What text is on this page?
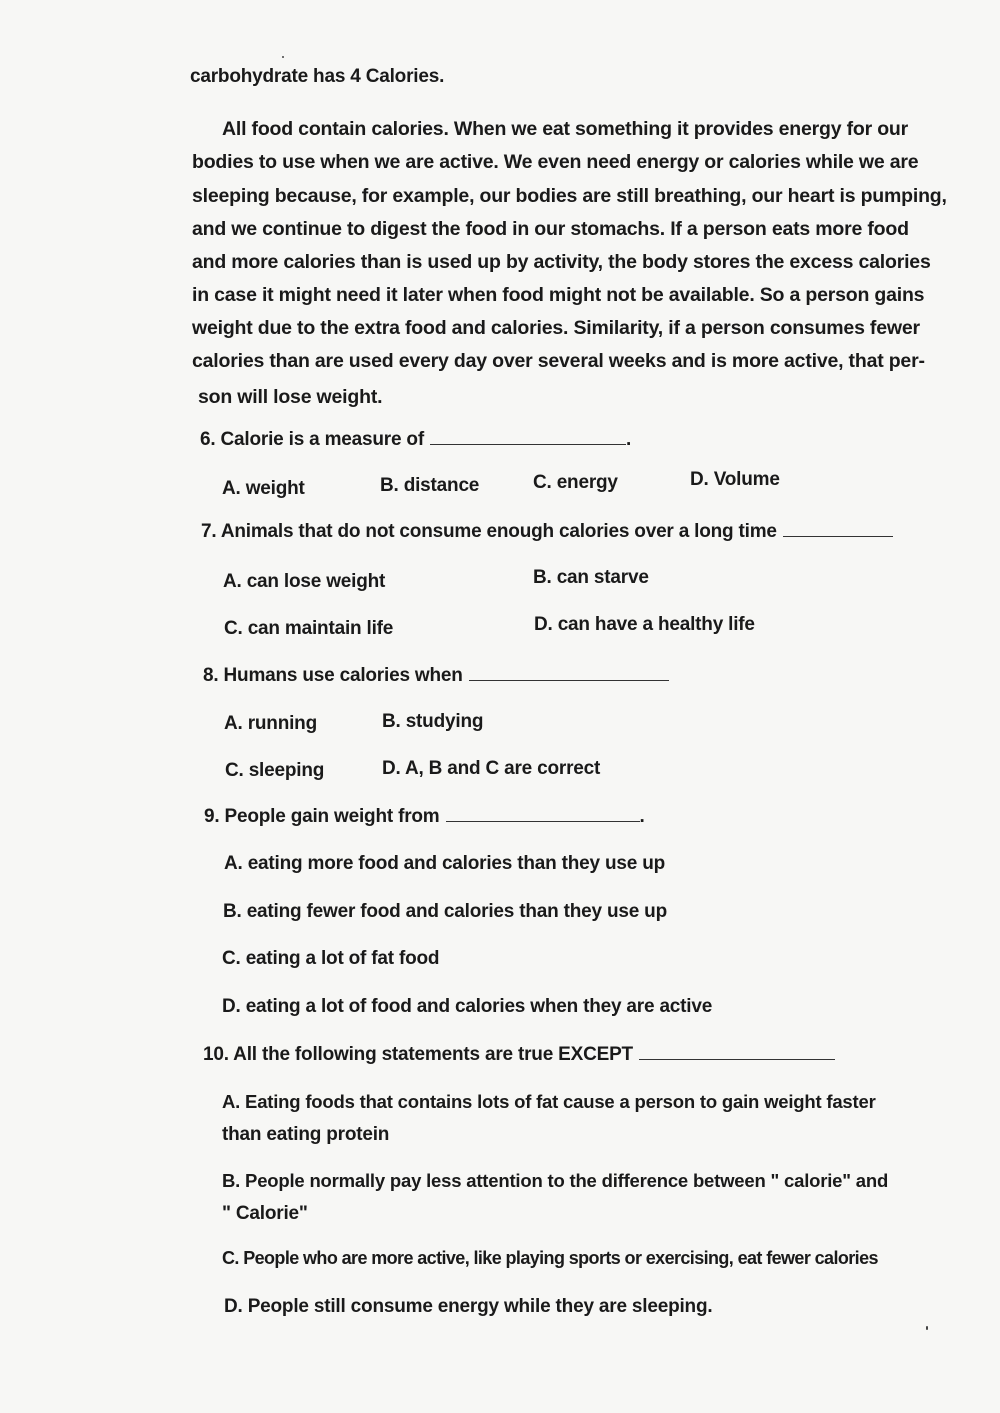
carbohydrate has 4 Calories.
All food contain calories. When we eat something it provides energy for our
bodies to use when we are active. We even need energy or calories while we are
sleeping because, for example, our bodies are still breathing, our heart is pumping,
and we continue to digest the food in our stomachs. If a person eats more food
and more calories than is used up by activity, the body stores the excess calories
in case it might need it later when food might not be available. So a person gains
weight due to the extra food and calories. Similarity, if a person consumes fewer
calories than are used every day over several weeks and is more active, that per-
son will lose weight.
6. Calorie is a measure of	.
A. weight	B. distance	C. energy	D. Volume
7. Animals that do not consume enough calories over a long time
A. can lose weight	B. can starve
C. can maintain life	D. can have a healthy life
8. Humans use calories when
A. running	B. studying
C. sleeping	D. A, B and C are correct
9. People gain weight from	.
A. eating more food and calories than they use up
B. eating fewer food and calories than they use up
C. eating a lot of fat food
D. eating a lot of food and calories when they are active
10. All the following statements are true EXCEPT
A. Eating foods that contains lots of fat cause a person to gain weight faster
than eating protein
B. People normally pay less attention to the difference between " calorie" and
" Calorie"
C. People who are more active, like playing sports or exercising, eat fewer calories
D. People still consume energy while they are sleeping.
